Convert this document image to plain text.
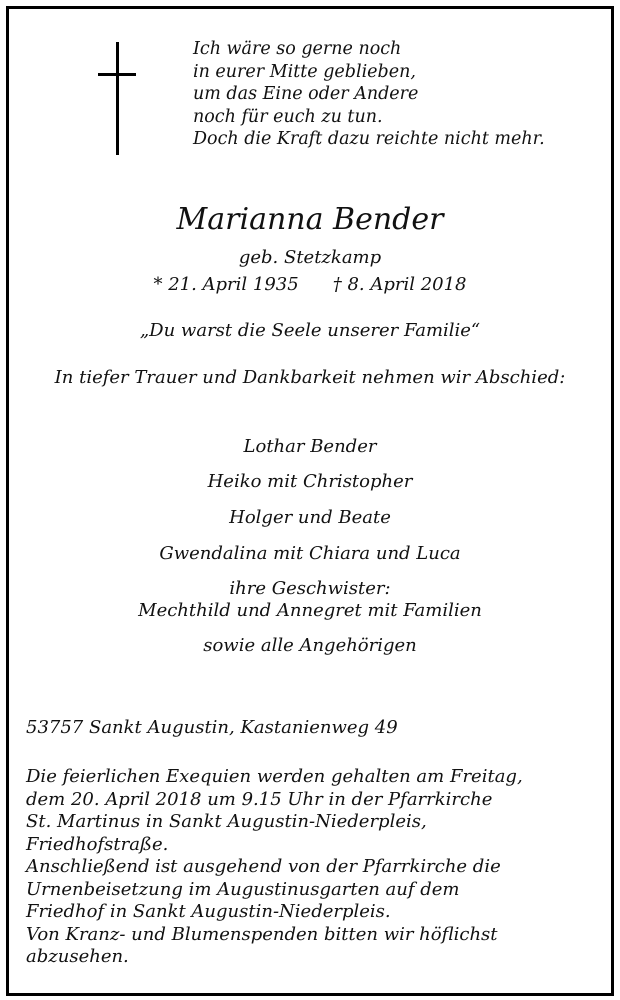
Ich wäre so gerne noch
in eurer Mitte geblieben,
um das Eine oder Andere
noch für euch zu tun.
Doch die Kraft dazu reichte nicht mehr.
Marianna Bender
geb. Stetzkamp
* 21. April 1935 † 8. April 2018
„Du warst die Seele unserer Familie“
In tiefer Trauer und Dankbarkeit nehmen wir Abschied:
Lothar Bender
Heiko mit Christopher
Holger und Beate
Gwendalina mit Chiara und Luca
ihre Geschwister:
Mechthild und Annegret mit Familien
sowie alle Angehörigen
53757 Sankt Augustin, Kastanienweg 49
Die feierlichen Exequien werden gehalten am Freitag,
dem 20. April 2018 um 9.15 Uhr in der Pfarrkirche
St. Martinus in Sankt Augustin-Niederpleis,
Friedhofstraße.
Anschließend ist ausgehend von der Pfarrkirche die
Urnenbeisetzung im Augustinusgarten auf dem
Friedhof in Sankt Augustin-Niederpleis.
Von Kranz- und Blumenspenden bitten wir höflichst
abzusehen.
